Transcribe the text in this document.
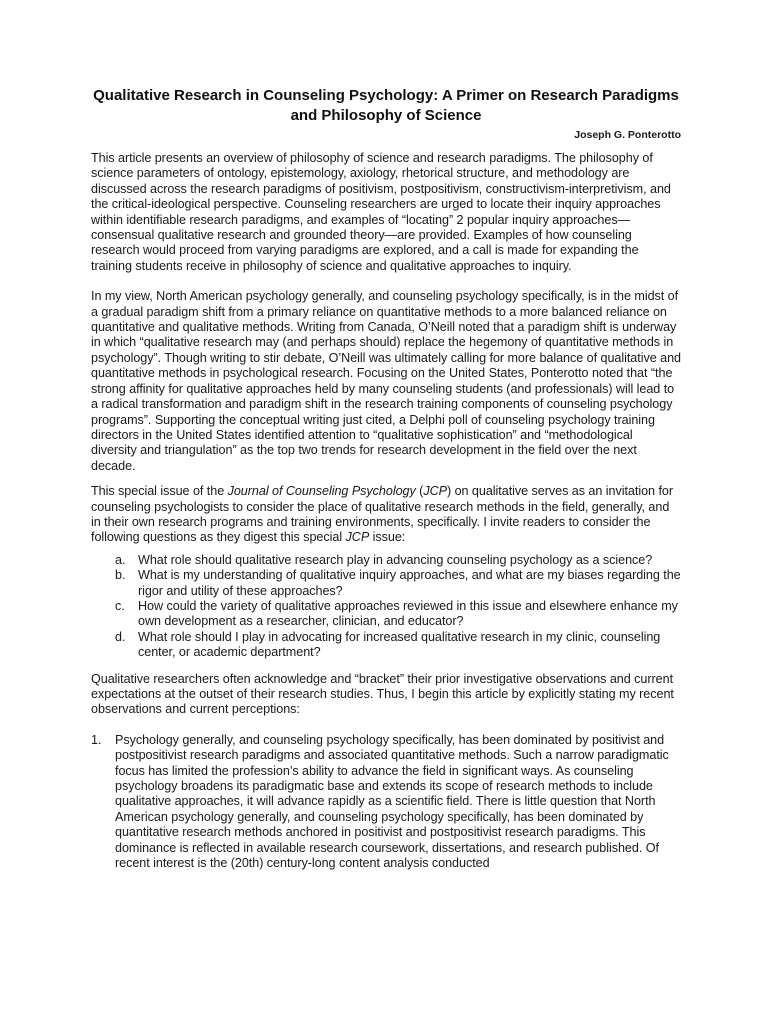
Qualitative Research in Counseling Psychology: A Primer on Research Paradigms and Philosophy of Science
Joseph G. Ponterotto

This article presents an overview of philosophy of science and research paradigms. The philosophy of science parameters of ontology, epistemology, axiology, rhetorical structure, and methodology are discussed across the research paradigms of positivism, postpositivism, constructivism-interpretivism, and the critical-ideological perspective. Counseling researchers are urged to locate their inquiry approaches within identifiable research paradigms, and examples of “locating” 2 popular inquiry approaches— consensual qualitative research and grounded theory—are provided. Examples of how counseling research would proceed from varying paradigms are explored, and a call is made for expanding the training students receive in philosophy of science and qualitative approaches to inquiry.

In my view, North American psychology generally, and counseling psychology specifically, is in the midst of a gradual paradigm shift from a primary reliance on quantitative methods to a more balanced reliance on quantitative and qualitative methods. Writing from Canada, O’Neill noted that a paradigm shift is underway in which “qualitative research may (and perhaps should) replace the hegemony of quantitative methods in psychology”. Though writing to stir debate, O’Neill was ultimately calling for more balance of qualitative and quantitative methods in psychological research. Focusing on the United States, Ponterotto noted that “the strong affinity for qualitative approaches held by many counseling students (and professionals) will lead to a radical transformation and paradigm shift in the research training components of counseling psychology programs”. Supporting the conceptual writing just cited, a Delphi poll of counseling psychology training directors in the United States identified attention to “qualitative sophistication” and “methodological diversity and triangulation” as the top two trends for research development in the field over the next decade.

This special issue of the Journal of Counseling Psychology (JCP) on qualitative serves as an invitation for counseling psychologists to consider the place of qualitative research methods in the field, generally, and in their own research programs and training environments, specifically. I invite readers to consider the following questions as they digest this special JCP issue:

a. What role should qualitative research play in advancing counseling psychology as a science?
b. What is my understanding of qualitative inquiry approaches, and what are my biases regarding the rigor and utility of these approaches?
c. How could the variety of qualitative approaches reviewed in this issue and elsewhere enhance my own development as a researcher, clinician, and educator?
d. What role should I play in advocating for increased qualitative research in my clinic, counseling center, or academic department?

Qualitative researchers often acknowledge and “bracket” their prior investigative observations and current expectations at the outset of their research studies. Thus, I begin this article by explicitly stating my recent observations and current perceptions:

1. Psychology generally, and counseling psychology specifically, has been dominated by positivist and postpositivist research paradigms and associated quantitative methods. Such a narrow paradigmatic focus has limited the profession’s ability to advance the field in significant ways. As counseling psychology broadens its paradigmatic base and extends its scope of research methods to include qualitative approaches, it will advance rapidly as a scientific field. There is little question that North American psychology generally, and counseling psychology specifically, has been dominated by quantitative research methods anchored in positivist and postpositivist research paradigms. This dominance is reflected in available research coursework, dissertations, and research published. Of recent interest is the (20th) century-long content analysis conducted
